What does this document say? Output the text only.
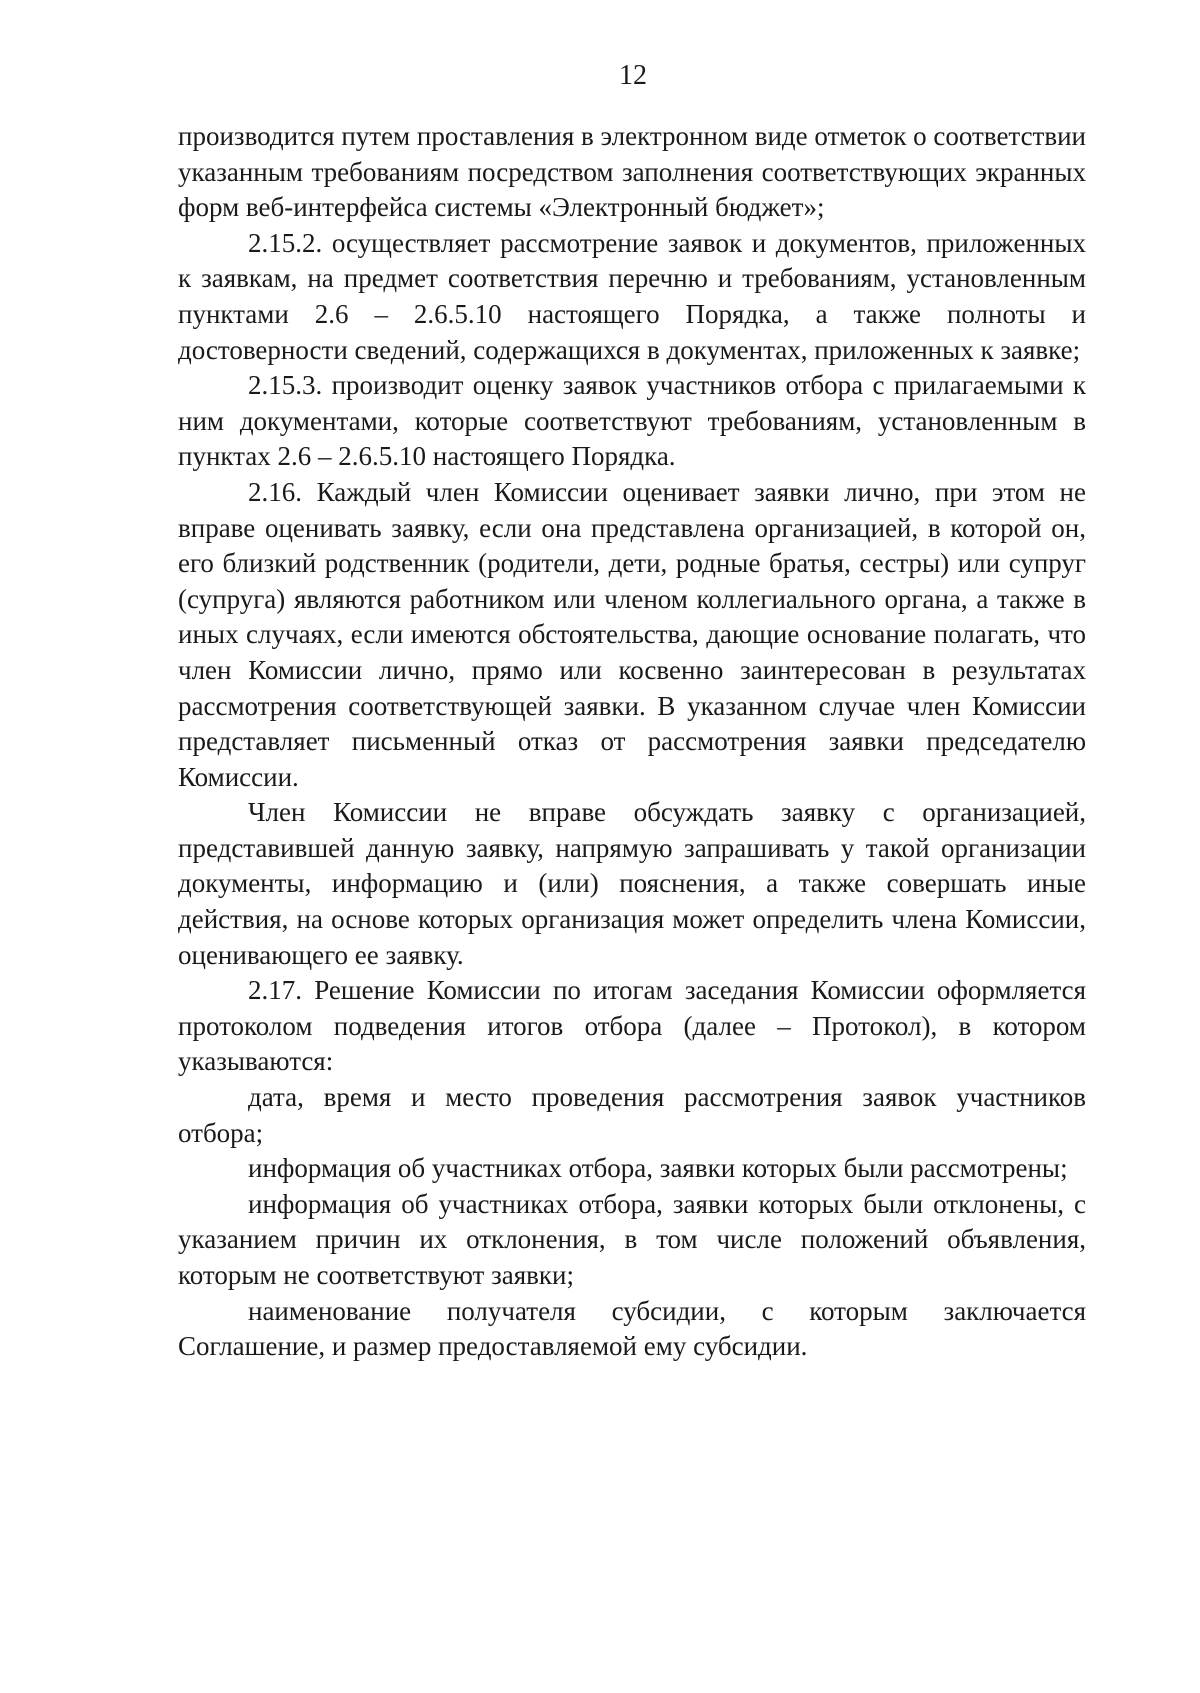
12

производится путем проставления в электронном виде отметок о соответствии указанным требованиям посредством заполнения соответствующих экранных форм веб-интерфейса системы «Электронный бюджет»;

2.15.2. осуществляет рассмотрение заявок и документов, приложенных к заявкам, на предмет соответствия перечню и требованиям, установленным пунктами 2.6 – 2.6.5.10 настоящего Порядка, а также полноты и достоверности сведений, содержащихся в документах, приложенных к заявке;

2.15.3. производит оценку заявок участников отбора с прилагаемыми к ним документами, которые соответствуют требованиям, установленным в пунктах 2.6 – 2.6.5.10 настоящего Порядка.

2.16. Каждый член Комиссии оценивает заявки лично, при этом не вправе оценивать заявку, если она представлена организацией, в которой он, его близкий родственник (родители, дети, родные братья, сестры) или супруг (супруга) являются работником или членом коллегиального органа, а также в иных случаях, если имеются обстоятельства, дающие основание полагать, что член Комиссии лично, прямо или косвенно заинтересован в результатах рассмотрения соответствующей заявки. В указанном случае член Комиссии представляет письменный отказ от рассмотрения заявки председателю Комиссии.

Член Комиссии не вправе обсуждать заявку с организацией, представившей данную заявку, напрямую запрашивать у такой организации документы, информацию и (или) пояснения, а также совершать иные действия, на основе которых организация может определить члена Комиссии, оценивающего ее заявку.

2.17. Решение Комиссии по итогам заседания Комиссии оформляется протоколом подведения итогов отбора (далее – Протокол), в котором указываются:

дата, время и место проведения рассмотрения заявок участников отбора;

информация об участниках отбора, заявки которых были рассмотрены;

информация об участниках отбора, заявки которых были отклонены, с указанием причин их отклонения, в том числе положений объявления, которым не соответствуют заявки;

наименование получателя субсидии, с которым заключается Соглашение, и размер предоставляемой ему субсидии.
